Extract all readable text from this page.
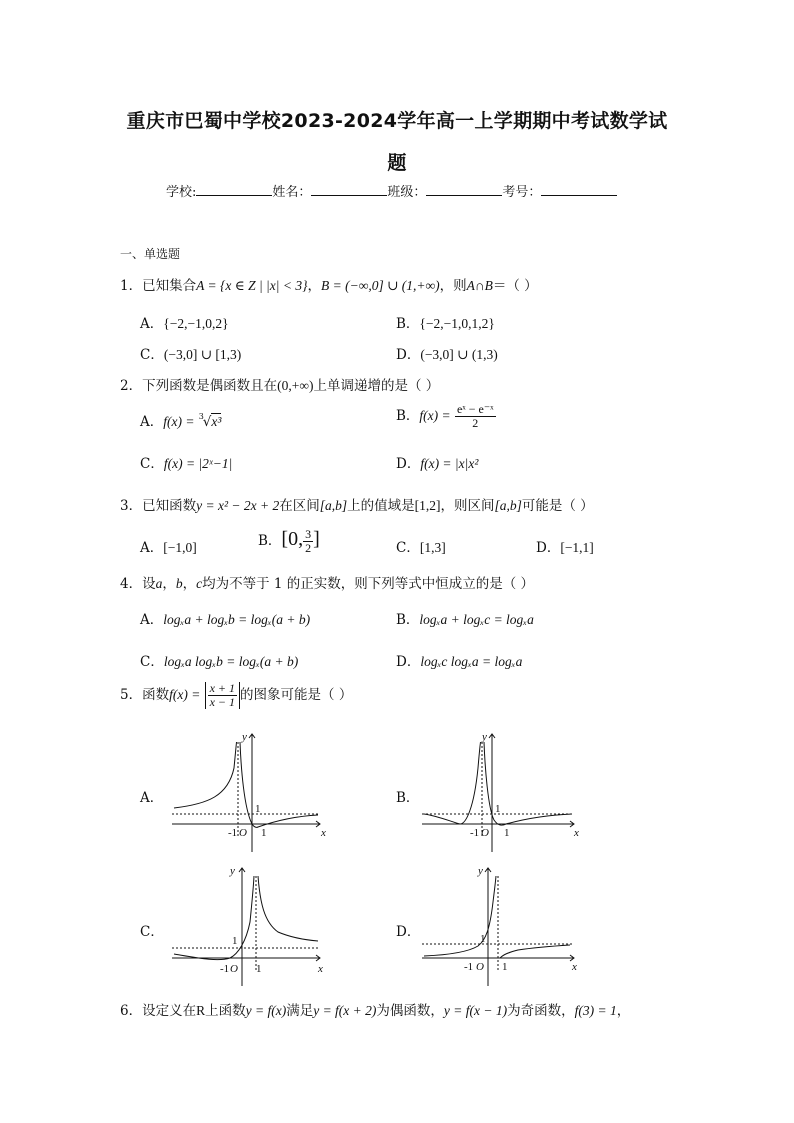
重庆市巴蜀中学校2023-2024学年高一上学期期中考试数学试
题
学校:	姓名：	班级：	考号：
一、单选题
1．已知集合A = {x ∈ Z | |x| < 3}，B = (−∞,0] ∪ (1,+∞)，则A∩B＝（ ）
A．{−2,−1,0,2}	B．{−2,−1,0,1,2}
C．(−3,0] ∪ [1,3)	D．(−3,0] ∪ (1,3)
2．下列函数是偶函数且在(0,+∞)上单调递增的是（ ）
A．f(x) = 3
√x³	B．$f(x) = \frac{\text{eˣ − e⁻ˣ}}{2}$
C．f(x) = |2ˣ−1|	D．f(x) = |x|x²
3．已知函数y = x² − 2x + 2在区间[a,b]上的值域是[1,2]，则区间[a,b]可能是（ ）
A．[−1,0]	B．[0, $\frac{3}{2}$ ]	C．[1,3]	D．[−1,1]
4．设a，b，c均为不等于 1 的正实数，则下列等式中恒成立的是（ ）
A．logₓa + logₓb = logₓ(a + b)	B．logₓa + logₓc = logₓa
C．logₓa logₓb = logₓ(a + b)	D．logₓc logₓa = logₓa
5．函数$f(x) = \frac{x + 1}{x - 1}$ 的图象可能是（ ）
A．	B．
C．	D．
x
y
-1 O 1
1
x
y
-1 O 1
1
x
y
-1 O 1
1
x
y
-1 O 1
1
6．设定义在R上函数y = f(x)满足y = f(x + 2)为偶函数，y = f(x − 1)为奇函数，f(3) = 1，
